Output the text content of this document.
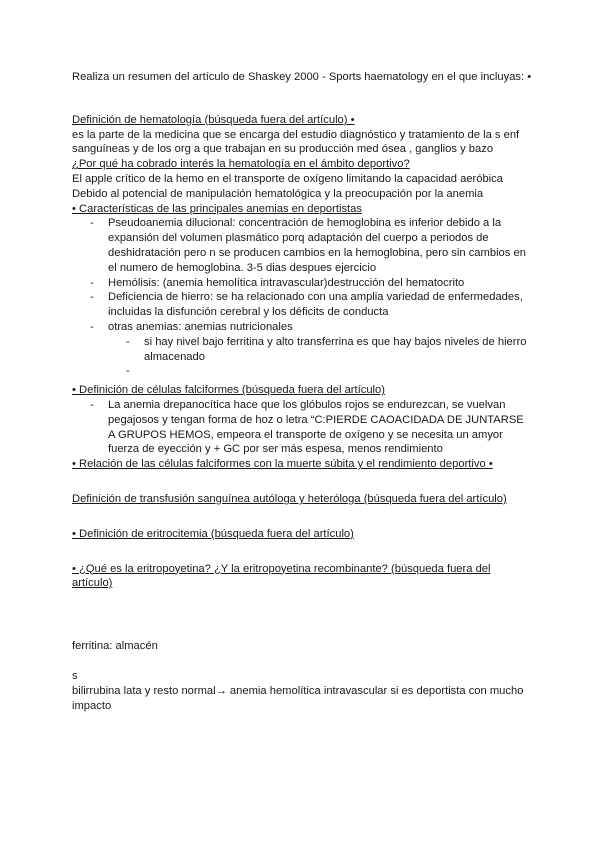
Realiza un resumen del artículo de Shaskey 2000 - Sports haematology en el que incluyas: •

Definición de hematología (búsqueda fuera del artículo) •

es la parte de la medicina que se encarga del estudio diagnóstico y tratamiento de la s enf

sanguíneas y de los org a que trabajan en su producción med ósea , ganglios y bazo

¿Por qué ha cobrado interés la hematología en el ámbito deportivo?

El apple crítico de la hemo en el transporte de oxígeno limitando la capacidad aeróbica

Debido al potencial de manipulación hematológica y la preocupación por la anemia

• Características de las principales anemias en deportistas

- Pseudoanemia dilucional: concentración de hemoglobina es inferior debido a la expansión del volumen plasmático porq adaptación del cuerpo a periodos de deshidratación pero n se producen cambios en la hemoglobina, pero sin cambios en el numero de hemoglobina. 3-5 dias despues ejercicio
- Hemólisis: (anemia hemolítica intravascular)destrucción del hematocrito
- Deficiencia de hierro: se ha relacionado con una amplia variedad de enfermedades, incluidas la disfunción cerebral y los déficits de conducta
- otras anemias: anemias nutricionales
- si hay nivel bajo ferritina y alto transferrina es que hay bajos niveles de hierro almacenado
-

• Definición de células falciformes (búsqueda fuera del artículo)

- La anemia drepanocítica hace que los glóbulos rojos se endurezcan, se vuelvan pegajosos y tengan forma de hoz o letra “C:PIERDE CAOACIDADA DE JUNTARSE A GRUPOS HEMOS, empeora el transporte de oxígeno y se necesita un amyor fuerza de eyección y + GC por ser más espesa, menos rendimiento

• Relación de las células falciformes con la muerte súbita y el rendimiento deportivo •

Definición de transfusión sanguínea autóloga y heteróloga (búsqueda fuera del artículo)

• Definición de eritrocitemia (búsqueda fuera del artículo)

• ¿Qué es la eritropoyetina? ¿Y la eritropoyetina recombinante? (búsqueda fuera del artículo)

ferritina: almacén

s

bilirrubina lata y resto normal→ anemia hemolítica intravascular si es deportista con mucho impacto
